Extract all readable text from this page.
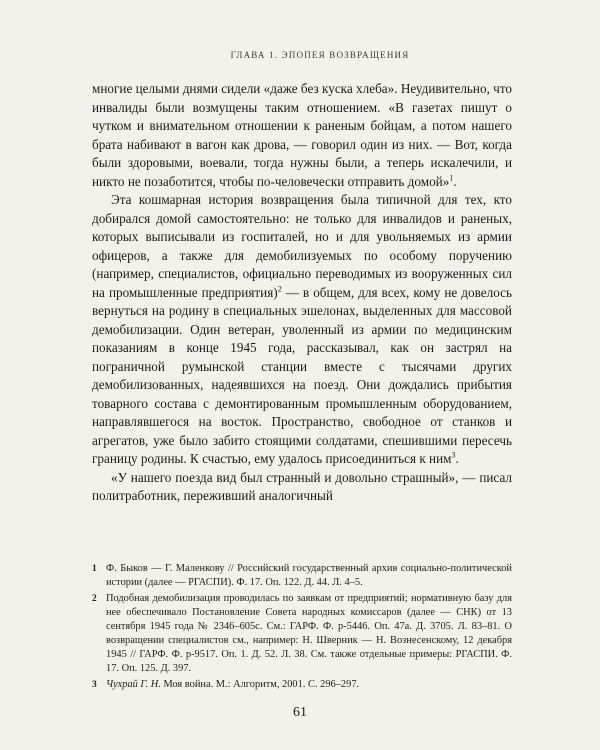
ГЛАВА 1. ЭПОПЕЯ ВОЗВРАЩЕНИЯ

многие целыми днями сидели «даже без куска хлеба». Неудивительно, что инвалиды были возмущены таким отношением. «В газетах пишут о чутком и внимательном отношении к раненым бойцам, а потом нашего брата набивают в вагон как дрова, — говорил один из них. — Вот, когда были здоровыми, воевали, тогда нужны были, а теперь искалечили, и никто не позаботится, чтобы по-человечески отправить домой»$^1$.

Эта кошмарная история возвращения была типичной для тех, кто добирался домой самостоятельно: не только для инвалидов и раненых, которых выписывали из госпиталей, но и для увольняемых из армии офицеров, а также для демобилизуемых по особому поручению (например, специалистов, официально переводимых из вооруженных сил на промышленные предприятия)$^2$ — в общем, для всех, кому не довелось вернуться на родину в специальных эшелонах, выделенных для массовой демобилизации. Один ветеран, уволенный из армии по медицинским показаниям в конце 1945 года, рассказывал, как он застрял на пограничной румынской станции вместе с тысячами других демобилизованных, надеявшихся на поезд. Они дождались прибытия товарного состава с демонтированным промышленным оборудованием, направлявшегося на восток. Пространство, свободное от станков и агрегатов, уже было забито стоящими солдатами, спешившими пересечь границу родины. К счастью, ему удалось присоединиться к ним$^3$.

«У нашего поезда вид был странный и довольно страшный», — писал политработник, переживший аналогичный

1 Ф. Быков — Г. Маленкову // Российский государственный архив социально-политической истории (далее — РГАСПИ). Ф. 17. Оп. 122. Д. 44. Л. 4–5.
2 Подобная демобилизация проводилась по заявкам от предприятий; нормативную базу для нее обеспечивало Постановление Совета народных комиссаров (далее — СНК) от 13 сентября 1945 года № 2346–605с. См.: ГАРФ. Ф. р-5446. Оп. 47а. Д. 3705. Л. 83–81. О возвращении специалистов см., например: Н. Шверник — Н. Вознесенскому, 12 декабря 1945 // ГАРФ. Ф. р-9517. Оп. 1. Д. 52. Л. 38. См. также отдельные примеры: РГАСПИ. Ф. 17. Оп. 125. Д. 397.
3 Чухрай Г. Н. Моя война. М.: Алгоритм, 2001. С. 296–297.
61
